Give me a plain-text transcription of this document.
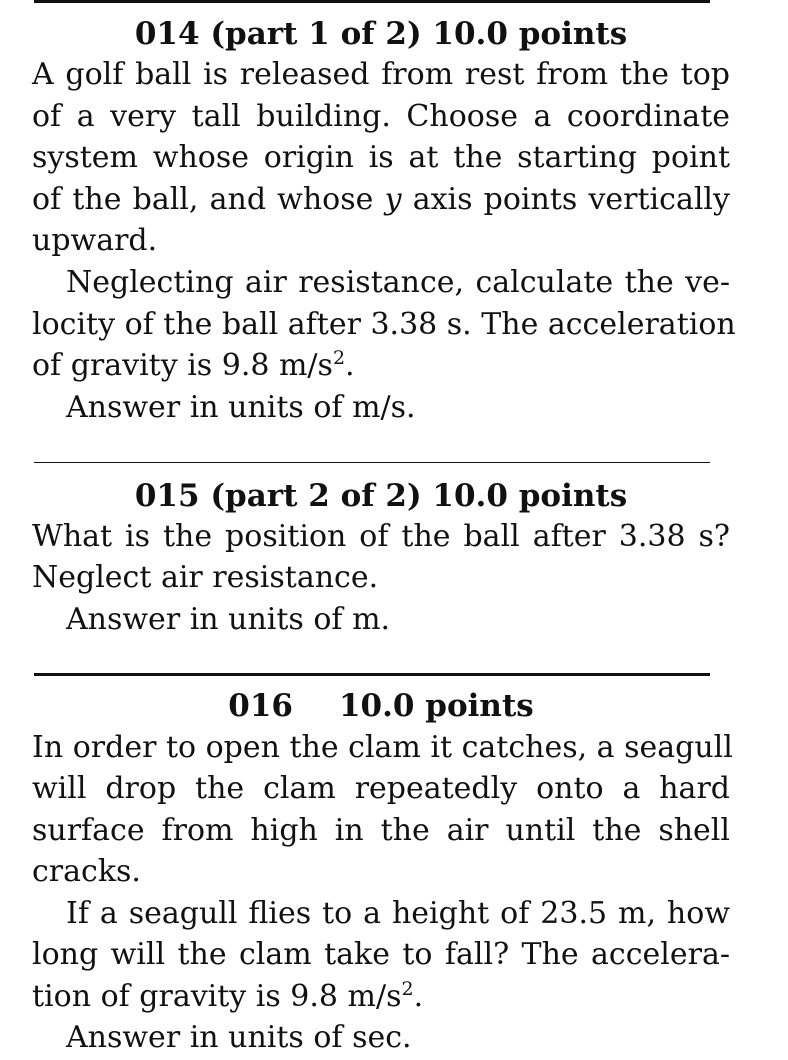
014 (part 1 of 2) 10.0 points
A golf ball is released from rest from the top
of a very tall building. Choose a coordinate
system whose origin is at the starting point
of the ball, and whose y axis points vertically
upward.
Neglecting air resistance, calculate the ve-
locity of the ball after 3.38 s. The acceleration
of gravity is 9.8 $m/s^2$.
Answer in units of m/s.
015 (part 2 of 2) 10.0 points
What is the position of the ball after 3.38 s?
Neglect air resistance.
Answer in units of m.
016 10.0 points
In order to open the clam it catches, a seagull
will drop the clam repeatedly onto a hard
surface from high in the air until the shell
cracks.
If a seagull flies to a height of 23.5 m, how
long will the clam take to fall? The accelera-
tion of gravity is 9.8 $m/s^2$.
Answer in units of sec.
